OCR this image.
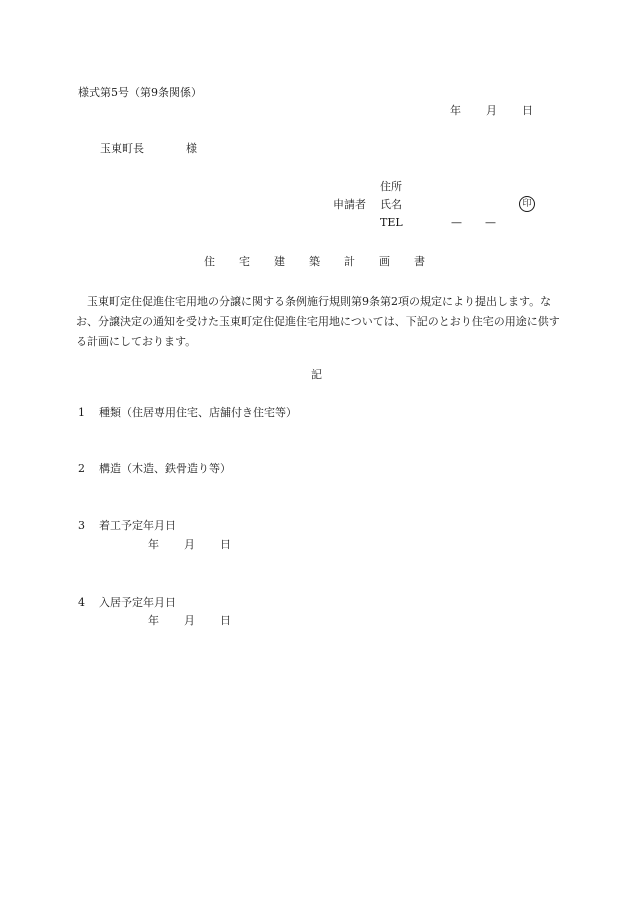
様式第5号（第9条関係）
年 月 日
玉東町長	様
申請者
住所
氏名	印
TEL	— —
住 宅 建 築 計 画 書
玉東町定住促進住宅用地の分譲に関する条例施行規則第9条第2項の規定により提出します。なお、分譲決定の通知を受けた玉東町定住促進住宅用地については、下記のとおり住宅の用途に供する計画にしております。
記
1 種類（住居専用住宅、店舗付き住宅等）
2 構造（木造、鉄骨造り等）
3 着工予定年月日
年 月 日
4 入居予定年月日
年 月 日
